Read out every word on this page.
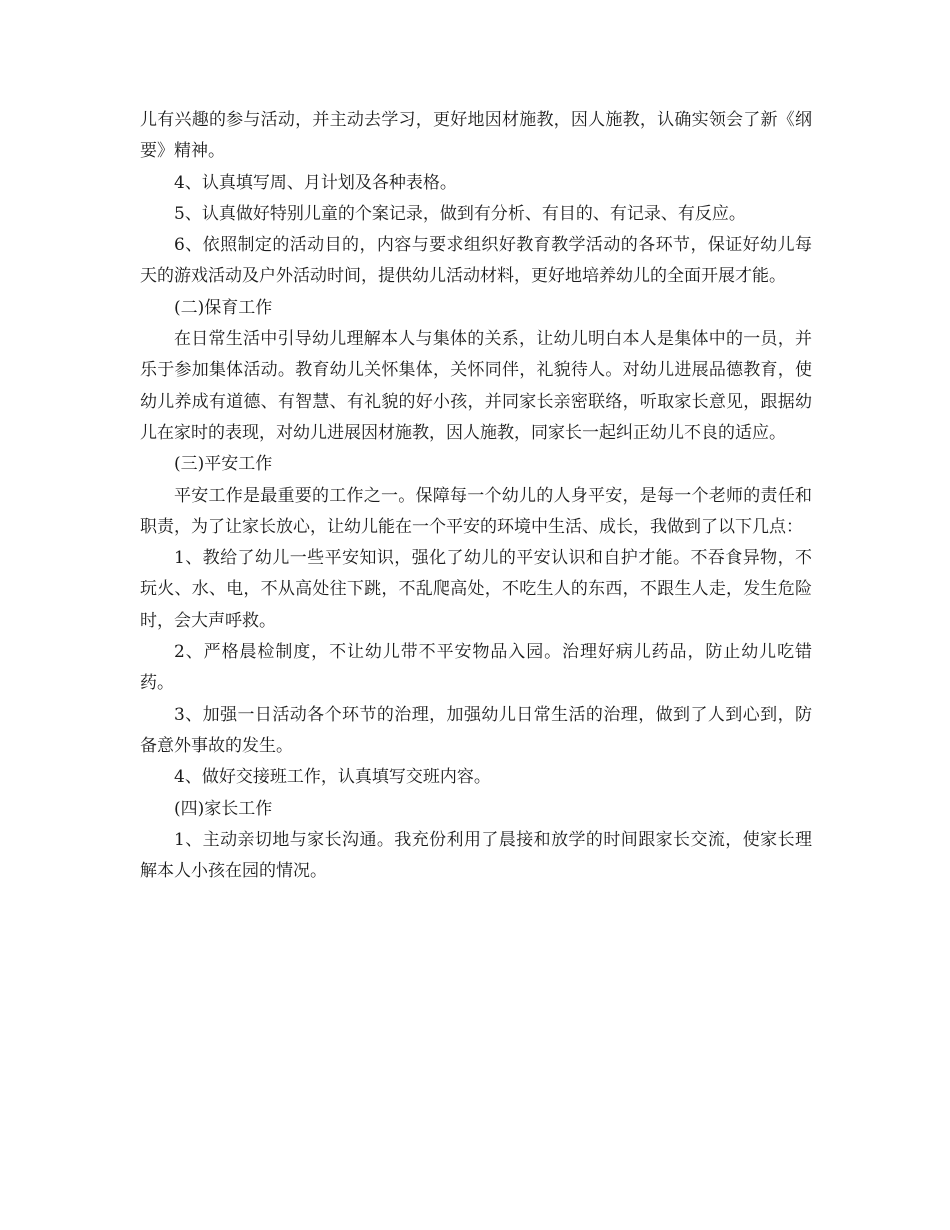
儿有兴趣的参与活动，并主动去学习，更好地因材施教，因人施教，认确实领会了新《纲要》精神。

4、认真填写周、月计划及各种表格。

5、认真做好特别儿童的个案记录，做到有分析、有目的、有记录、有反应。

6、依照制定的活动目的，内容与要求组织好教育教学活动的各环节，保证好幼儿每天的游戏活动及户外活动时间，提供幼儿活动材料，更好地培养幼儿的全面开展才能。

(二)保育工作

在日常生活中引导幼儿理解本人与集体的关系，让幼儿明白本人是集体中的一员，并乐于参加集体活动。教育幼儿关怀集体，关怀同伴，礼貌待人。对幼儿进展品德教育，使幼儿养成有道德、有智慧、有礼貌的好小孩，并同家长亲密联络，听取家长意见，跟据幼儿在家时的表现，对幼儿进展因材施教，因人施教，同家长一起纠正幼儿不良的适应。

(三)平安工作

平安工作是最重要的工作之一。保障每一个幼儿的人身平安，是每一个老师的责任和职责，为了让家长放心，让幼儿能在一个平安的环境中生活、成长，我做到了以下几点：

1、教给了幼儿一些平安知识，强化了幼儿的平安认识和自护才能。不吞食异物，不玩火、水、电，不从高处往下跳，不乱爬高处，不吃生人的东西，不跟生人走，发生危险时，会大声呼救。

2、严格晨检制度，不让幼儿带不平安物品入园。治理好病儿药品，防止幼儿吃错药。

3、加强一日活动各个环节的治理，加强幼儿日常生活的治理，做到了人到心到，防备意外事故的发生。

4、做好交接班工作，认真填写交班内容。

(四)家长工作

1、主动亲切地与家长沟通。我充份利用了晨接和放学的时间跟家长交流，使家长理解本人小孩在园的情况。
